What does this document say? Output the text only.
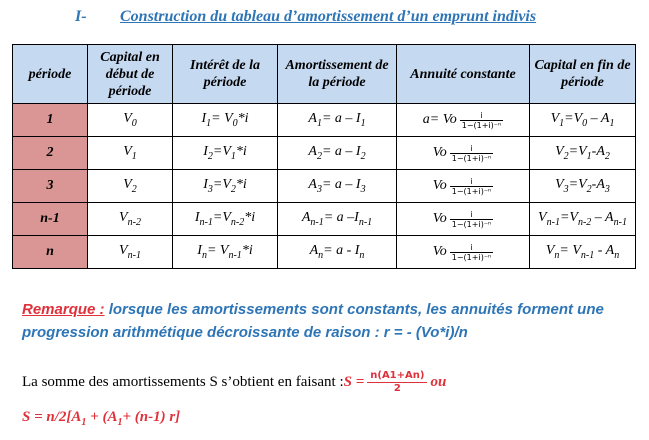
I- Construction du tableau d’amortissement d’un emprunt indivis
période	Capital en début de période	Intérêt de la période	Amortissement de la période	Annuité constante	Capital en fin de période
1	$V_0$	$I_1= V_0*i$	$A_1= a - I_1$	a= Vo $\frac{i}{\text{1−(1+i)⁻ⁿ}}$	$V_1=V_0 - A_1$
2	$V_1$	$I_2=V_1*i$	$A_2= a - I_2$	Vo $\frac{i}{\text{1−(1+i)⁻ⁿ}}$	$V_2=V_1-A_2$
3	$V_2$	$I_3=V_2*i$	$A_3= a - I_3$	Vo $\frac{i}{\text{1−(1+i)⁻ⁿ}}$	$V_3=V_2-A_3$
n-1	$V_{n-2}$	$I_{n-1}=V_{n-2}*i$	$A_{n-1}= a$ $-I_{n-1}$	Vo $\frac{i}{\text{1−(1+i)⁻ⁿ}}$	$V_{n-1}=V_{n-2} - A_{n-1}$
n	$V_{n-1}$	$I_n= V_{n-1}*i$	$A_n= a - I_n$	Vo $\frac{i}{\text{1−(1+i)⁻ⁿ}}$	$V_n= V_{n-1} - A_n$
Remarque : lorsque les amortissements sont constants, les annuités forment une progression arithmétique décroissante de raison : r = - (Vo*i)/n
La somme des amortissements S s’obtient en faisant : $S = \frac{n(A1+An)}{2}$ ou
$S = n/2[A_1 + (A_1+ (n-1)$ r]
